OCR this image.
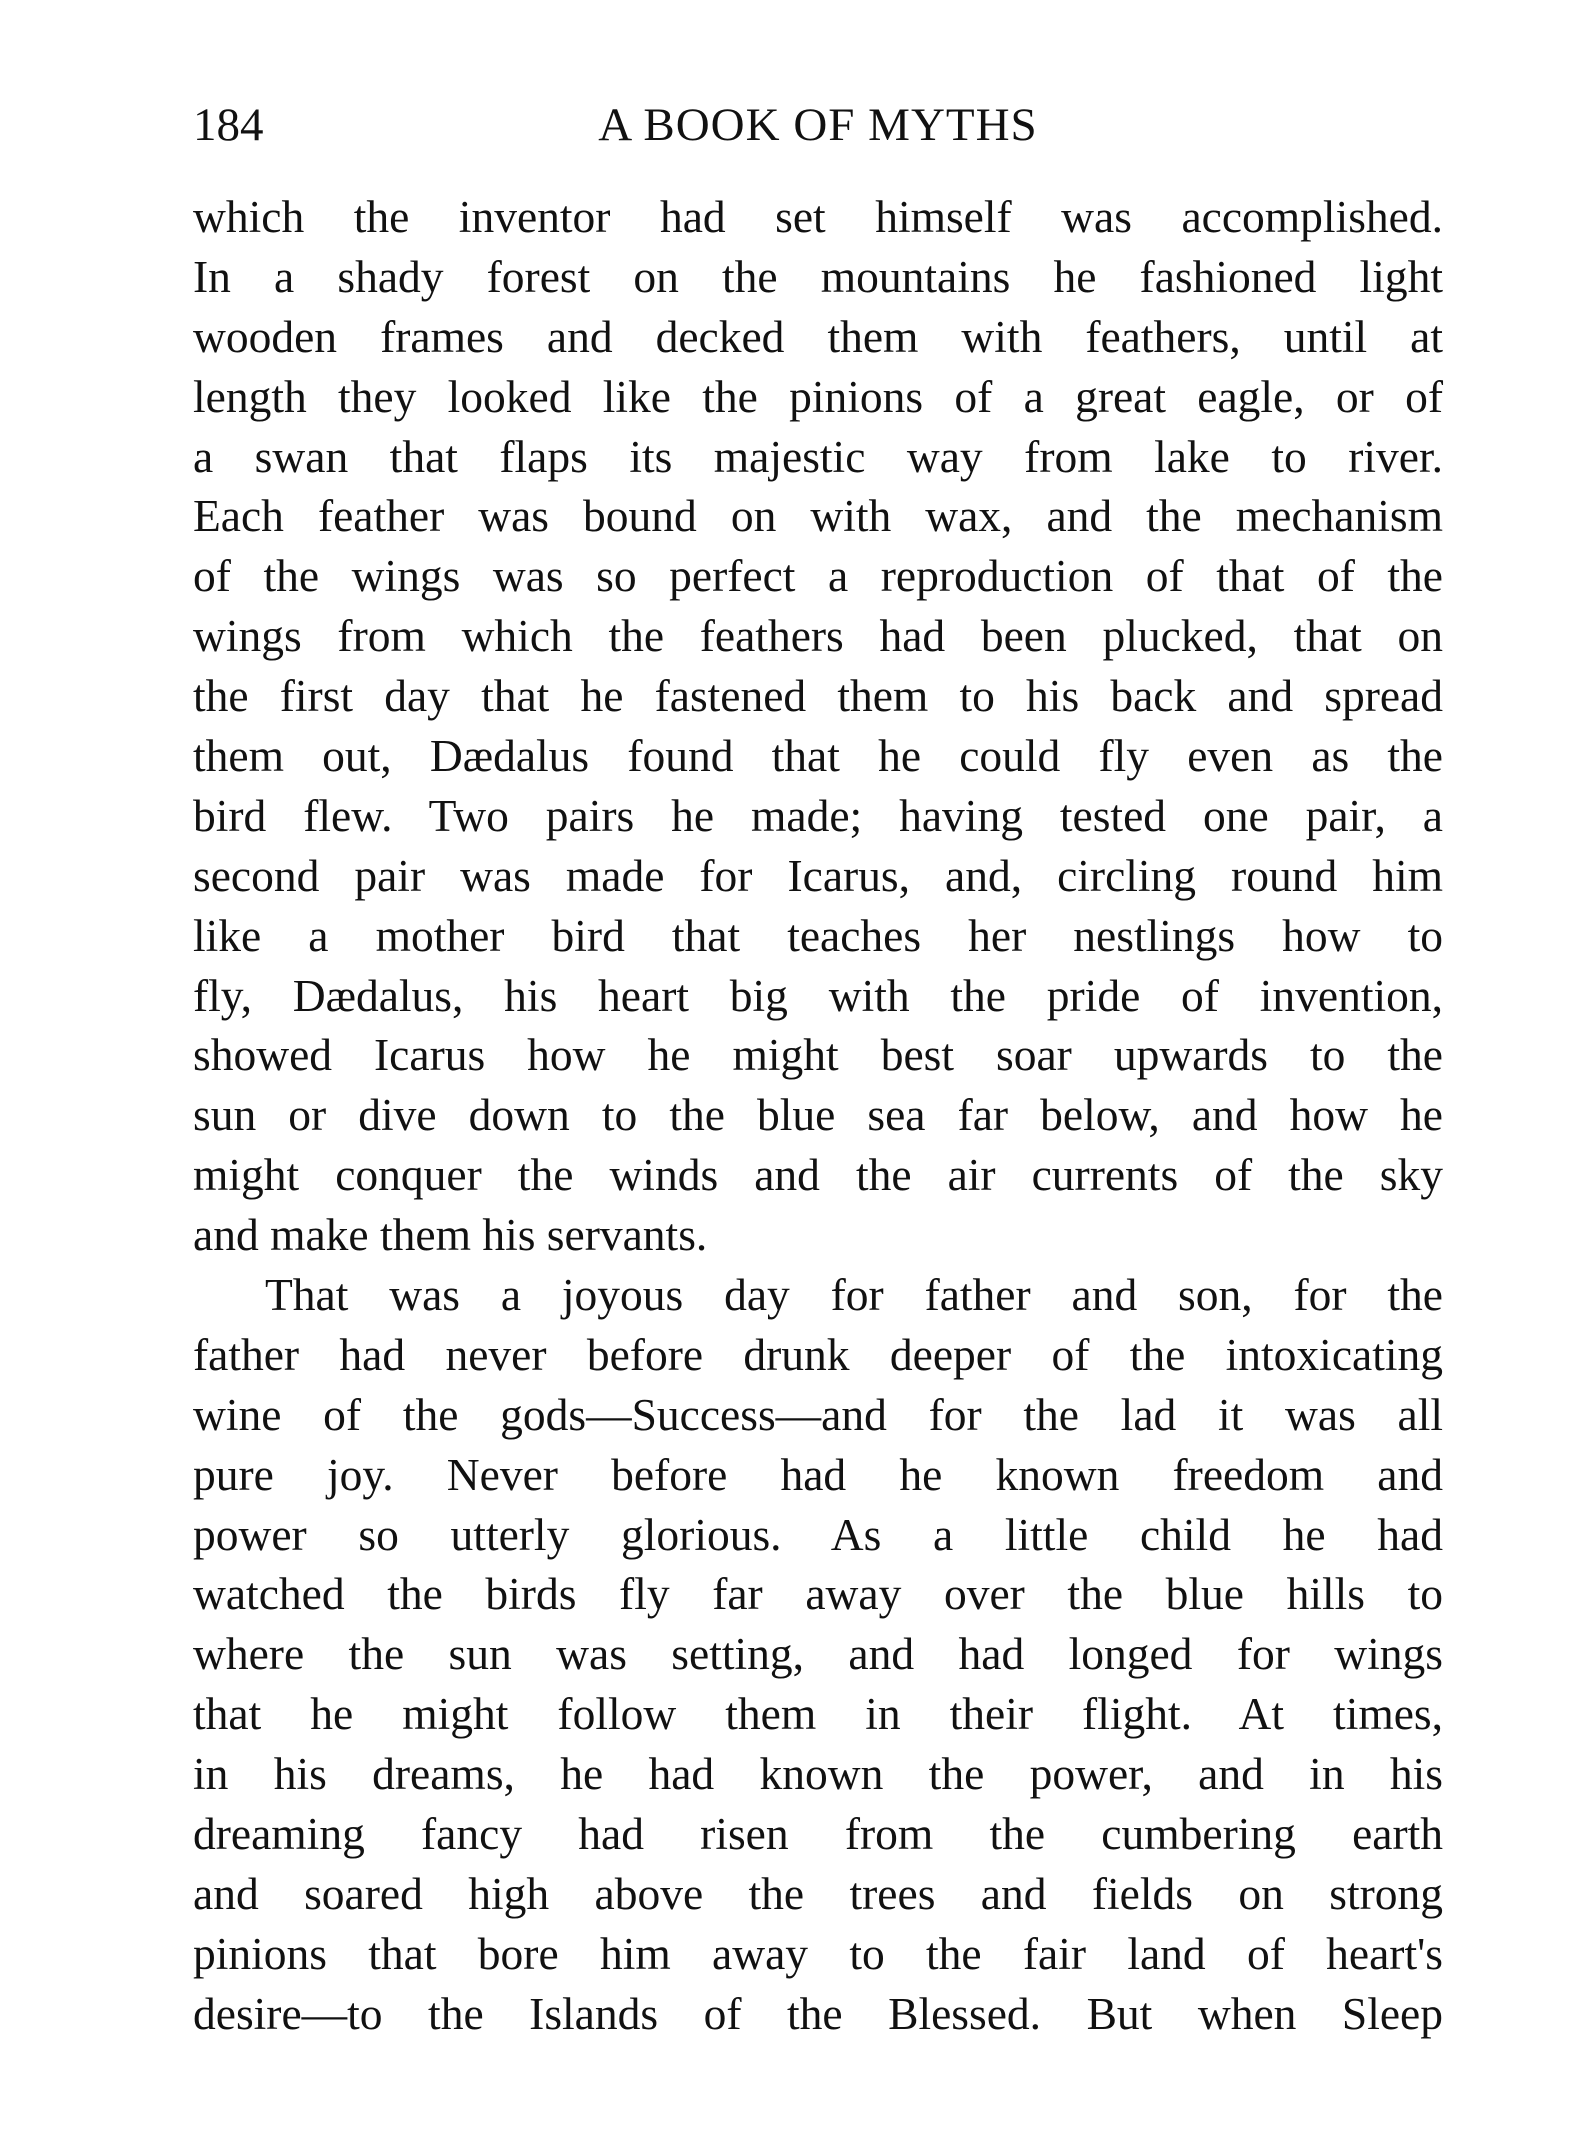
184	A BOOK OF MYTHS
which the inventor had set himself was accomplished.
In a shady forest on the mountains he fashioned light
wooden frames and decked them with feathers, until at
length they looked like the pinions of a great eagle, or of
a swan that flaps its majestic way from lake to river.
Each feather was bound on with wax, and the mechanism
of the wings was so perfect a reproduction of that of the
wings from which the feathers had been plucked, that on
the first day that he fastened them to his back and spread
them out, Dædalus found that he could fly even as the
bird flew. Two pairs he made; having tested one pair, a
second pair was made for Icarus, and, circling round him
like a mother bird that teaches her nestlings how to
fly, Dædalus, his heart big with the pride of invention,
showed Icarus how he might best soar upwards to the
sun or dive down to the blue sea far below, and how he
might conquer the winds and the air currents of the sky
and make them his servants.
That was a joyous day for father and son, for the
father had never before drunk deeper of the intoxicating
wine of the gods—Success—and for the lad it was all
pure joy. Never before had he known freedom and
power so utterly glorious. As a little child he had
watched the birds fly far away over the blue hills to
where the sun was setting, and had longed for wings
that he might follow them in their flight. At times,
in his dreams, he had known the power, and in his
dreaming fancy had risen from the cumbering earth
and soared high above the trees and fields on strong
pinions that bore him away to the fair land of heart's
desire—to the Islands of the Blessed. But when Sleep
